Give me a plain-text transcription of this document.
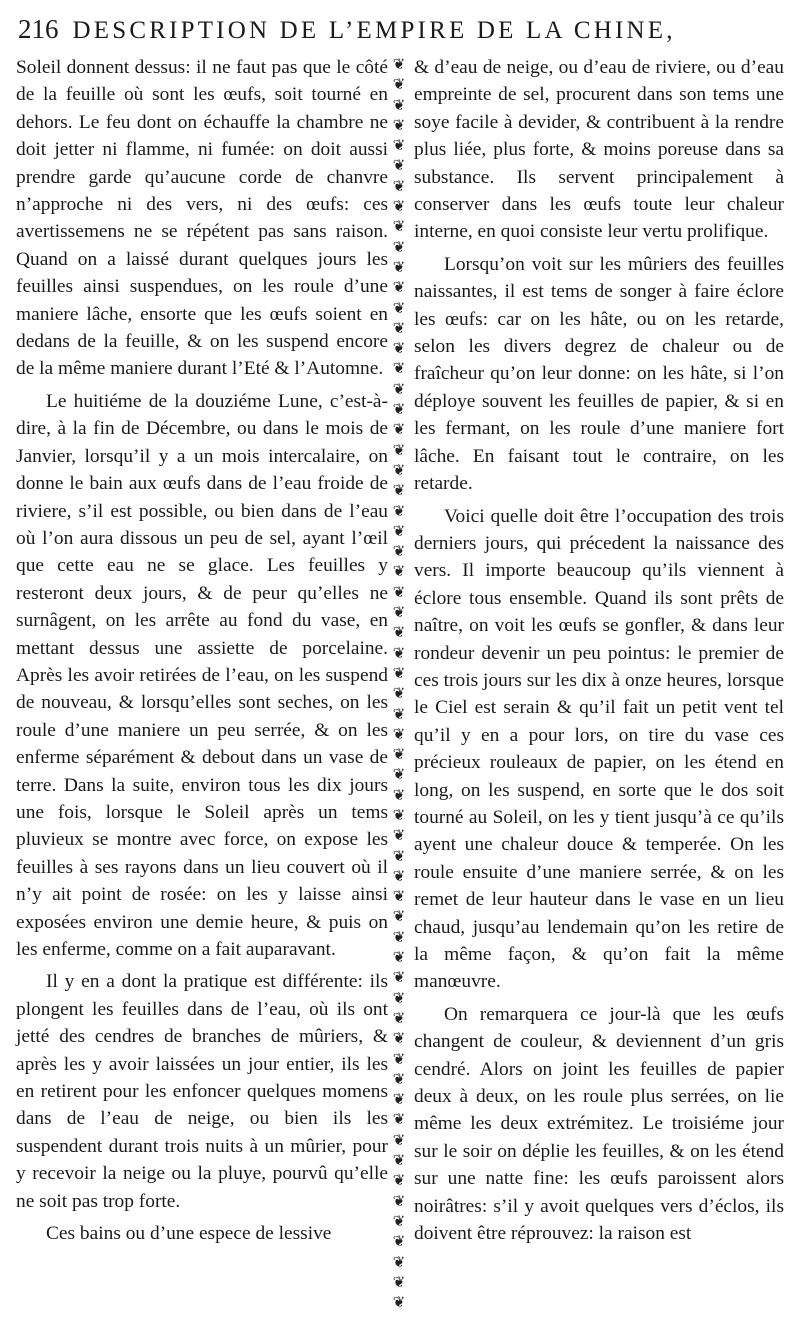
216 DESCRIPTION DE L’EMPIRE DE LA CHINE,

Soleil donnent dessus: il ne faut pas que le côté de la feuille où sont les œufs, soit tourné en dehors. Le feu dont on échauffe la chambre ne doit jetter ni flamme, ni fumée: on doit aussi prendre garde qu’aucune corde de chanvre n’approche ni des vers, ni des œufs: ces avertissemens ne se répétent pas sans raison. Quand on a laissé durant quelques jours les feuilles ainsi suspendues, on les roule d’une maniere lâche, ensorte que les œufs soient en dedans de la feuille, & on les suspend encore de la même maniere durant l’Eté & l’Automne.

Le huitiéme de la douziéme Lune, c’est-à-dire, à la fin de Décembre, ou dans le mois de Janvier, lorsqu’il y a un mois intercalaire, on donne le bain aux œufs dans de l’eau froide de riviere, s’il est possible, ou bien dans de l’eau où l’on aura dissous un peu de sel, ayant l’œil que cette eau ne se glace. Les feuilles y resteront deux jours, & de peur qu’elles ne surnâgent, on les arrête au fond du vase, en mettant dessus une assiette de porcelaine. Après les avoir retirées de l’eau, on les suspend de nouveau, & lorsqu’elles sont seches, on les roule d’une maniere un peu serrée, & on les enferme séparément & debout dans un vase de terre. Dans la suite, environ tous les dix jours une fois, lorsque le Soleil après un tems pluvieux se montre avec force, on expose les feuilles à ses rayons dans un lieu couvert où il n’y ait point de rosée: on les y laisse ainsi exposées environ une demie heure, & puis on les enferme, comme on a fait auparavant.

Il y en a dont la pratique est différente: ils plongent les feuilles dans de l’eau, où ils ont jetté des cendres de branches de mûriers, & après les y avoir laissées un jour entier, ils les en retirent pour les enfoncer quelques momens dans de l’eau de neige, ou bien ils les suspendent durant trois nuits à un mûrier, pour y recevoir la neige ou la pluye, pourvû qu’elle ne soit pas trop forte.

Ces bains ou d’une espece de lessive

❦
❦
❦
❦
❦
❦
❦
❦
❦
❦
❦
❦
❦
❦
❦
❦
❦
❦
❦
❦
❦
❦
❦
❦
❦
❦
❦
❦
❦
❦
❦
❦
❦
❦
❦
❦
❦
❦
❦
❦
❦
❦
❦
❦
❦
❦
❦
❦
❦
❦
❦
❦
❦
❦
❦
❦
❦
❦
❦
❦
❦
❦

& d’eau de neige, ou d’eau de riviere, ou d’eau empreinte de sel, procurent dans son tems une soye facile à devider, & contribuent à la rendre plus liée, plus forte, & moins poreuse dans sa substance. Ils servent principalement à conserver dans les œufs toute leur chaleur interne, en quoi consiste leur vertu prolifique.

Lorsqu’on voit sur les mûriers des feuilles naissantes, il est tems de songer à faire éclore les œufs: car on les hâte, ou on les retarde, selon les divers degrez de chaleur ou de fraîcheur qu’on leur donne: on les hâte, si l’on déploye souvent les feuilles de papier, & si en les fermant, on les roule d’une maniere fort lâche. En faisant tout le contraire, on les retarde.

Voici quelle doit être l’occupation des trois derniers jours, qui précedent la naissance des vers. Il importe beaucoup qu’ils viennent à éclore tous ensemble. Quand ils sont prêts de naître, on voit les œufs se gonfler, & dans leur rondeur devenir un peu pointus: le premier de ces trois jours sur les dix à onze heures, lorsque le Ciel est serain & qu’il fait un petit vent tel qu’il y en a pour lors, on tire du vase ces précieux rouleaux de papier, on les étend en long, on les suspend, en sorte que le dos soit tourné au Soleil, on les y tient jusqu’à ce qu’ils ayent une chaleur douce & temperée. On les roule ensuite d’une maniere serrée, & on les remet de leur hauteur dans le vase en un lieu chaud, jusqu’au lendemain qu’on les retire de la même façon, & qu’on fait la même manœuvre.

On remarquera ce jour-là que les œufs changent de couleur, & deviennent d’un gris cendré. Alors on joint les feuilles de papier deux à deux, on les roule plus serrées, on lie même les deux extrémitez. Le troisiéme jour sur le soir on déplie les feuilles, & on les étend sur une natte fine: les œufs paroissent alors noirâtres: s’il y avoit quelques vers d’éclos, ils doivent être réprouvez: la raison est
